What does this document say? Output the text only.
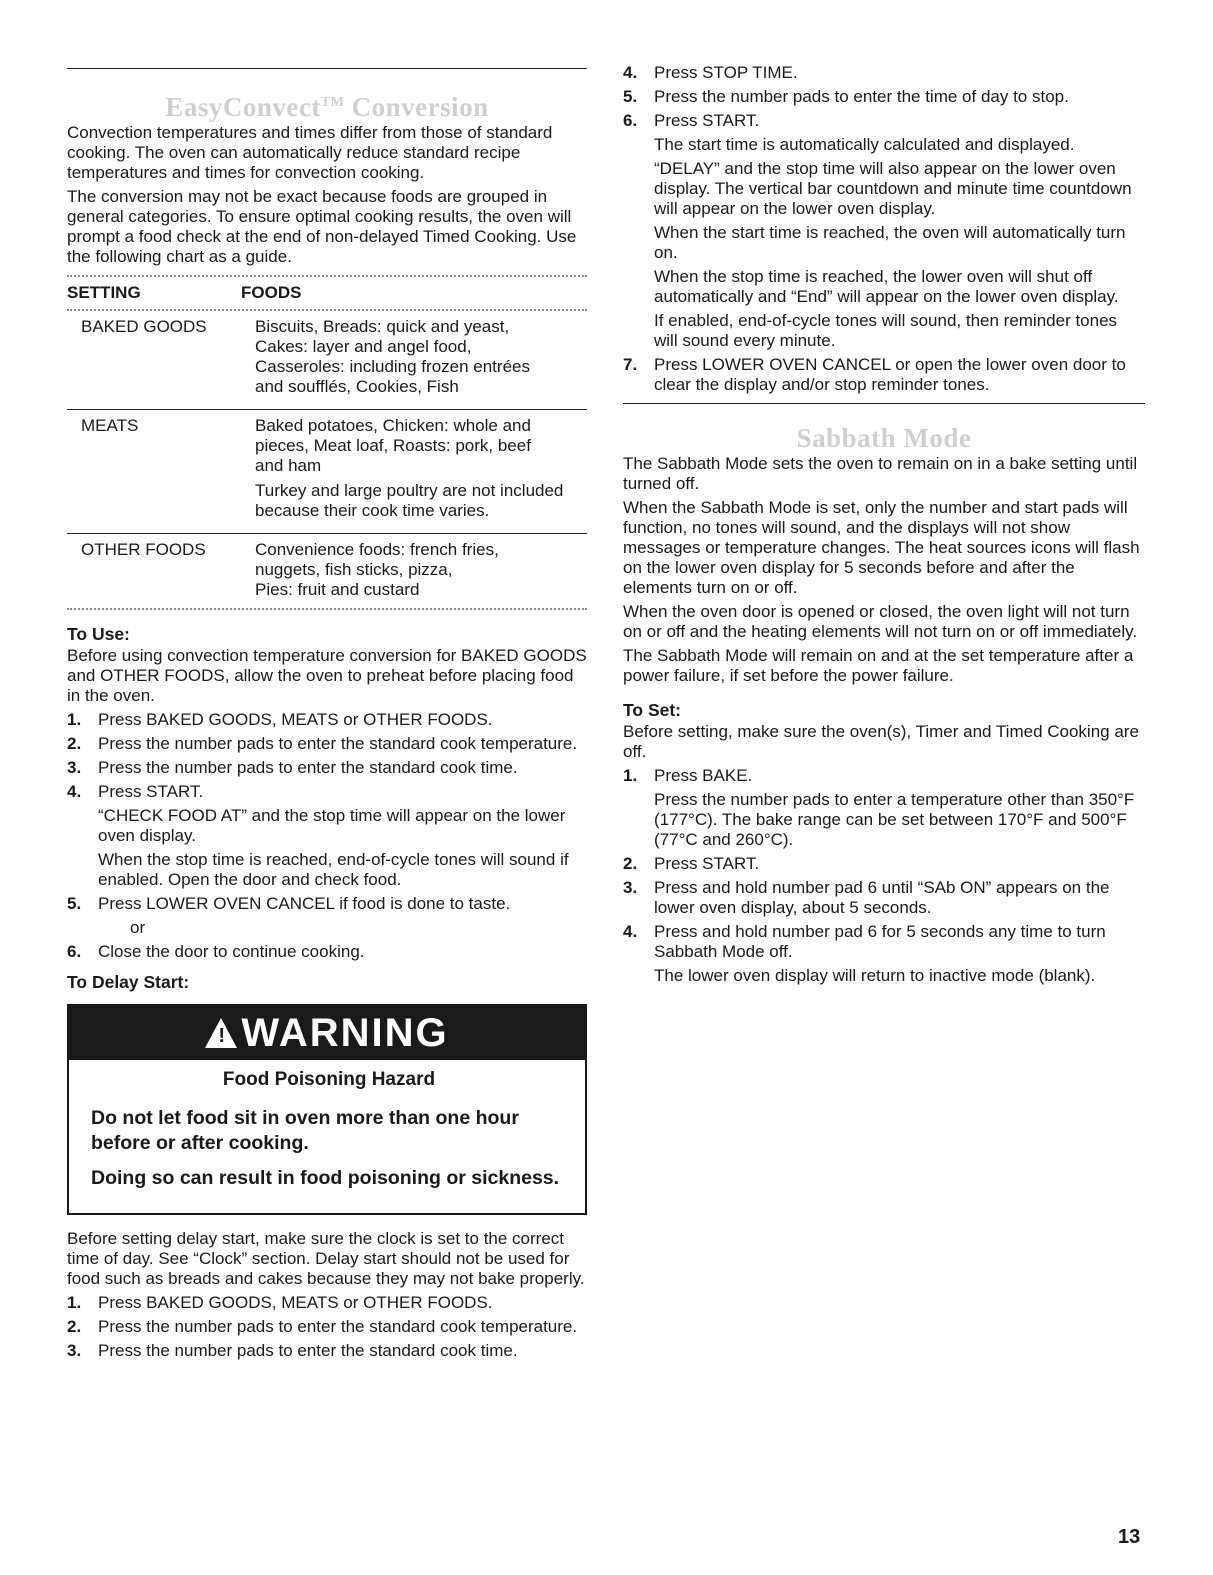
EasyConvect™ Conversion

Convection temperatures and times differ from those of standard cooking. The oven can automatically reduce standard recipe temperatures and times for convection cooking.

The conversion may not be exact because foods are grouped in general categories. To ensure optimal cooking results, the oven will prompt a food check at the end of non-delayed Timed Cooking. Use the following chart as a guide.

SETTING	FOODS

BAKED GOODS	Biscuits, Breads: quick and yeast,
Cakes: layer and angel food,
Casseroles: including frozen entrées
and soufflés, Cookies, Fish

MEATS	Baked potatoes, Chicken: whole and
pieces, Meat loaf, Roasts: pork, beef
and ham
Turkey and large poultry are not included because their cook time varies.

OTHER FOODS	Convenience foods: french fries,
nuggets, fish sticks, pizza,
Pies: fruit and custard
To Use:

Before using convection temperature conversion for BAKED GOODS and OTHER FOODS, allow the oven to preheat before placing food in the oven.

1. Press BAKED GOODS, MEATS or OTHER FOODS.
2. Press the number pads to enter the standard cook temperature.
3. Press the number pads to enter the standard cook time.
4. Press START.

“CHECK FOOD AT” and the stop time will appear on the lower oven display.

When the stop time is reached, end-of-cycle tones will sound if enabled. Open the door and check food.

5. Press LOWER OVEN CANCEL if food is done to taste.

or

6. Close the door to continue cooking.
To Delay Start:
! WARNING
Food Poisoning Hazard
Do not let food sit in oven more than one hour before or after cooking.
Doing so can result in food poisoning or sickness.

Before setting delay start, make sure the clock is set to the correct time of day. See “Clock” section. Delay start should not be used for food such as breads and cakes because they may not bake properly.

1. Press BAKED GOODS, MEATS or OTHER FOODS.
2. Press the number pads to enter the standard cook temperature.
3. Press the number pads to enter the standard cook time.
4. Press STOP TIME.
5. Press the number pads to enter the time of day to stop.
6. Press START.

The start time is automatically calculated and displayed.

“DELAY” and the stop time will also appear on the lower oven display. The vertical bar countdown and minute time countdown will appear on the lower oven display.

When the start time is reached, the oven will automatically turn on.

When the stop time is reached, the lower oven will shut off automatically and “End” will appear on the lower oven display.

If enabled, end-of-cycle tones will sound, then reminder tones will sound every minute.

7. Press LOWER OVEN CANCEL or open the lower oven door to clear the display and/or stop reminder tones.
Sabbath Mode

The Sabbath Mode sets the oven to remain on in a bake setting until turned off.

When the Sabbath Mode is set, only the number and start pads will function, no tones will sound, and the displays will not show messages or temperature changes. The heat sources icons will flash on the lower oven display for 5 seconds before and after the elements turn on or off.

When the oven door is opened or closed, the oven light will not turn on or off and the heating elements will not turn on or off immediately.

The Sabbath Mode will remain on and at the set temperature after a power failure, if set before the power failure.

To Set:

Before setting, make sure the oven(s), Timer and Timed Cooking are off.

1. Press BAKE.

Press the number pads to enter a temperature other than 350°F (177°C). The bake range can be set between 170°F and 500°F (77°C and 260°C).

2. Press START.
3. Press and hold number pad 6 until “SAb ON” appears on the lower oven display, about 5 seconds.
4. Press and hold number pad 6 for 5 seconds any time to turn Sabbath Mode off.

The lower oven display will return to inactive mode (blank).

13
